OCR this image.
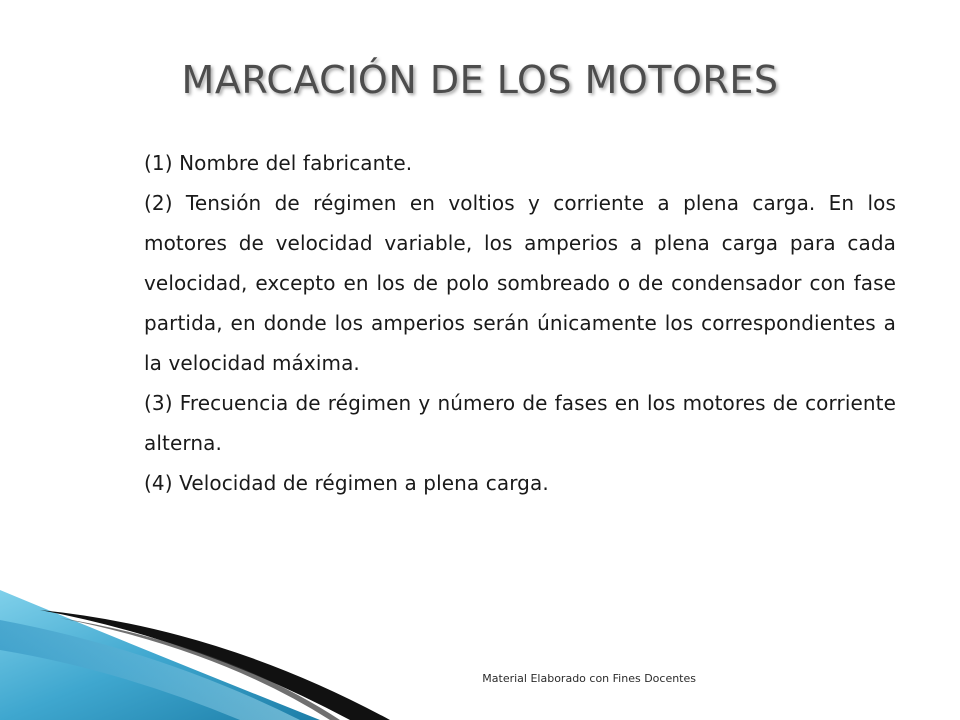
MARCACIÓN DE LOS MOTORES
(1) Nombre del fabricante.
(2) Tensión de régimen en voltios y corriente a plena carga. En los motores de velocidad variable, los amperios a plena carga para cada velocidad, excepto en los de polo sombreado o de condensador con fase partida, en donde los amperios serán únicamente los correspondientes a la velocidad máxima.
(3) Frecuencia de régimen y número de fases en los motores de corriente alterna.
(4) Velocidad de régimen a plena carga.
Material Elaborado con Fines Docentes
